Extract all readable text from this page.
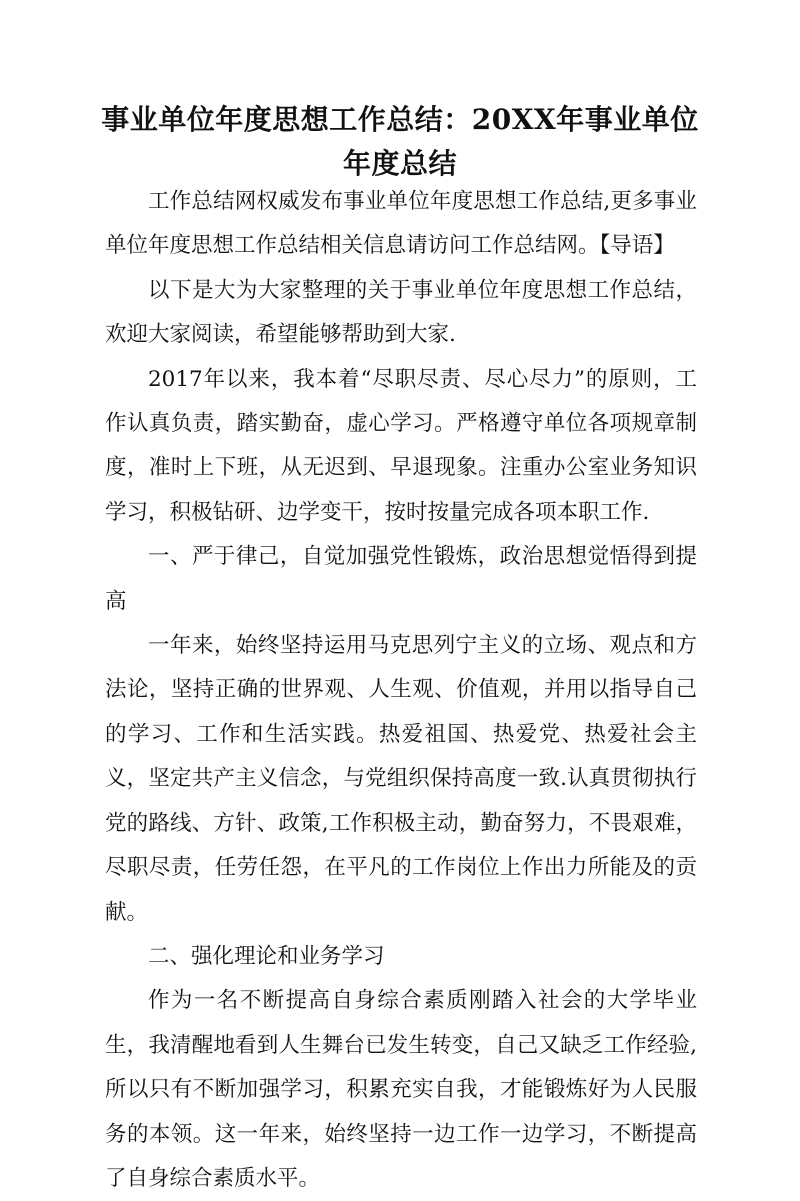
事业单位年度思想工作总结：20XX年事业单位年度总结

工作总结网权威发布事业单位年度思想工作总结,更多事业单位年度思想工作总结相关信息请访问工作总结网。【导语】

以下是大为大家整理的关于事业单位年度思想工作总结，欢迎大家阅读，希望能够帮助到大家.

2017年以来，我本着“尽职尽责、尽心尽力”的原则，工作认真负责，踏实勤奋，虚心学习。严格遵守单位各项规章制度，准时上下班，从无迟到、早退现象。注重办公室业务知识学习，积极钻研、边学变干，按时按量完成各项本职工作.

一、严于律己，自觉加强党性锻炼，政治思想觉悟得到提高

一年来，始终坚持运用马克思列宁主义的立场、观点和方法论，坚持正确的世界观、人生观、价值观，并用以指导自己的学习、工作和生活实践。热爱祖国、热爱党、热爱社会主义，坚定共产主义信念，与党组织保持高度一致.认真贯彻执行党的路线、方针、政策,工作积极主动，勤奋努力，不畏艰难，尽职尽责，任劳任怨，在平凡的工作岗位上作出力所能及的贡献。

二、强化理论和业务学习

作为一名不断提高自身综合素质刚踏入社会的大学毕业生，我清醒地看到人生舞台已发生转变，自己又缺乏工作经验,所以只有不断加强学习，积累充实自我，才能锻炼好为人民服务的本领。这一年来，始终坚持一边工作一边学习，不断提高了自身综合素质水平。
